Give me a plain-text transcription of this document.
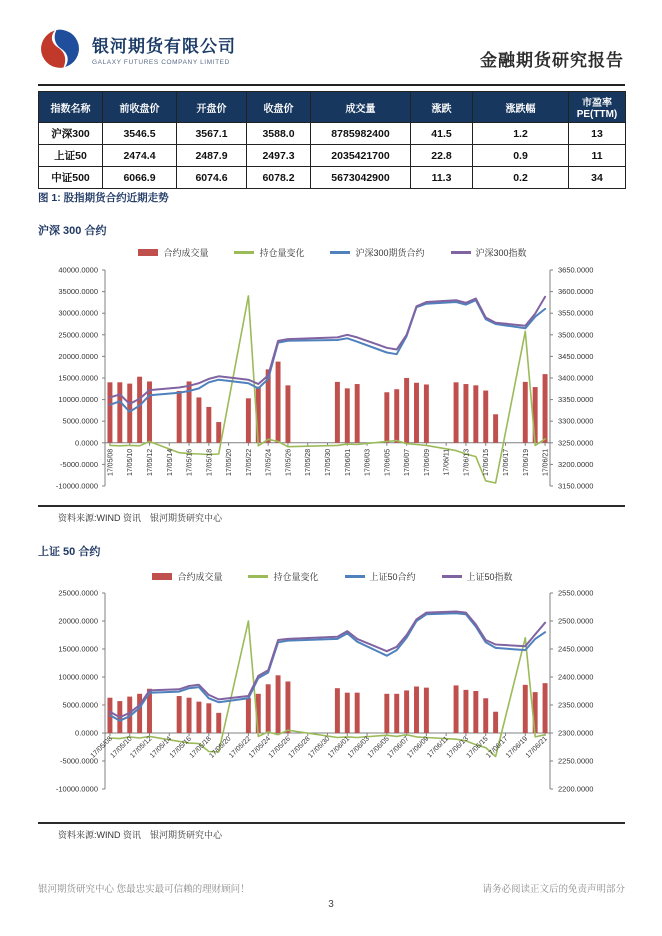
银河期货有限公司
GALAXY FUTURES COMPANY LIMITED	金融期货研究报告
指数名称	前收盘价	开盘价	收盘价	成交量	涨跌	涨跌幅	市盈率PE(TTM)
沪深300	3546.5	3567.1	3588.0	8785982400	41.5	1.2	13
上证50	2474.4	2487.9	2497.3	2035421700	22.8	0.9	11
中证500	6066.9	6074.6	6078.2	5673042900	11.3	0.2	34
图 1: 股指期货合约近期走势
沪深 300 合约
合约成交量	持仓量变化	沪深300期货合约	沪深300指数
40000.0000
35000.0000
30000.0000
25000.0000
20000.0000
15000.0000
10000.0000
5000.0000
0.0000
-5000.0000
-10000.0000
3650.0000
3600.0000
3550.0000
3500.0000
3450.0000
3400.0000
3350.0000
3300.0000
3250.0000
3200.0000
3150.0000
17/05/08 17/05/10 17/05/12 17/05/14 17/05/16 17/05/18 17/05/20 17/05/22 17/05/24 17/05/26 17/05/28 17/05/30 17/06/01 17/06/03 17/06/05 17/06/07 17/06/09 17/06/11 17/06/13 17/06/15 17/06/17 17/06/19 17/06/21
资料来源:WIND 资讯　银河期货研究中心
上证 50 合约
合约成交量	持仓量变化	上证50合约	上证50指数
25000.0000
20000.0000
15000.0000
10000.0000
5000.0000
0.0000
-5000.0000
-10000.0000
2550.0000
2500.0000
2450.0000
2400.0000
2350.0000
2300.0000
2250.0000
2200.0000
17/05/08
17/05/10
17/05/12
17/05/14
17/05/16
17/05/18
17/05/20
17/05/22
17/05/24
17/05/26
17/05/28
17/05/30
17/06/01
17/06/03
17/06/05
17/06/07
17/06/09
17/06/11
17/06/13
17/06/15
17/06/17
17/06/19
17/06/21
资料来源:WIND 资讯　银河期货研究中心
银河期货研究中心 您最忠实最可信赖的理财顾问！	请务必阅读正文后的免责声明部分
3
